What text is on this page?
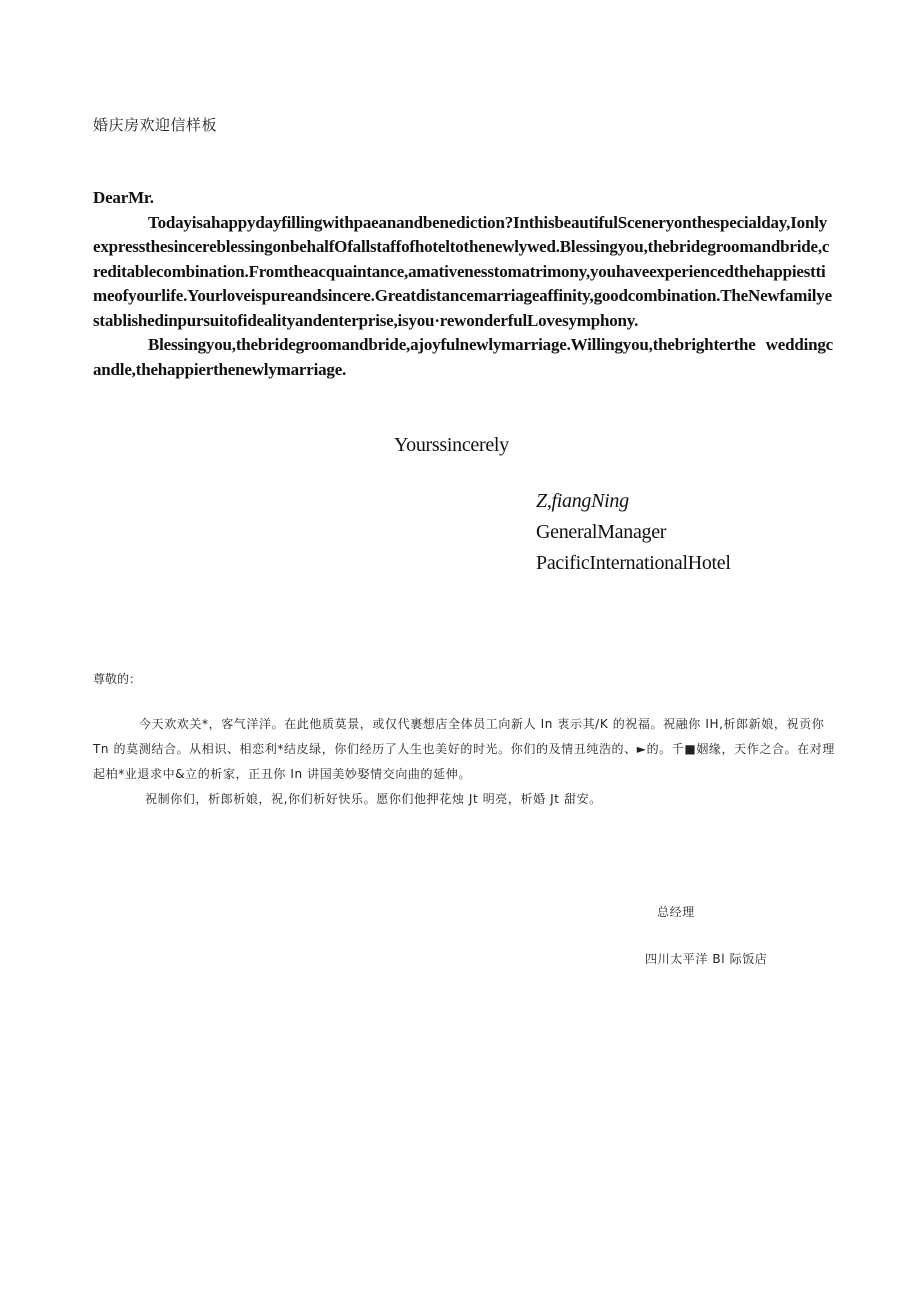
婚庆房欢迎信样板

DearMr.

Todayisahappydayfillingwithpaeanandbenediction?InthisbeautifulSceneryonthespecialday,IonlyexpressthesincereblessingonbehalfOfallstaffofhoteltothenewlywed.Blessingyou,thebridegroomandbride,creditablecombination.Fromtheacquaintance,amativenesstomatrimony,youhaveexperiencedthehappiesttimeofyourlife.Yourloveispureandsincere.Greatdistancemarriageaffinity,goodcombination.TheNewfamilyestablishedinpursuitofidealityandenterprise,isyou·rewonderfulLovesymphony.

Blessingyou,thebridegroomandbride,ajoyfulnewlymarriage.Willingyou,thebrighterthe weddingcandle,thehappierthenewlymarriage.

Yourssincerely
Z,fiangNing
GeneralManager
PacificInternationalHotel
尊敬的：

今天欢欢关*，客气洋洋。在此他质莫景，或仅代裹想店全体员工向新人 In 衷示其/K 的祝福。祝融你 IH,析郎新娘，祝贡你 Tn 的莫测结合。从相识、相恋利*结皮绿，你们经历了人生也美好的时光。你们的及情丑纯浩的、►的。千■姻缘，天作之合。在对理起柏*业退求中&立的析家，正丑你 In 讲国美妙娶情交向曲的延伸。

祝制你们，析郎析娘，祝,你们析好快乐。愿你们他押花烛 Jt 明亮，析婚 Jt 甜安。

总经理
四川太平洋 Bl 际饭店
